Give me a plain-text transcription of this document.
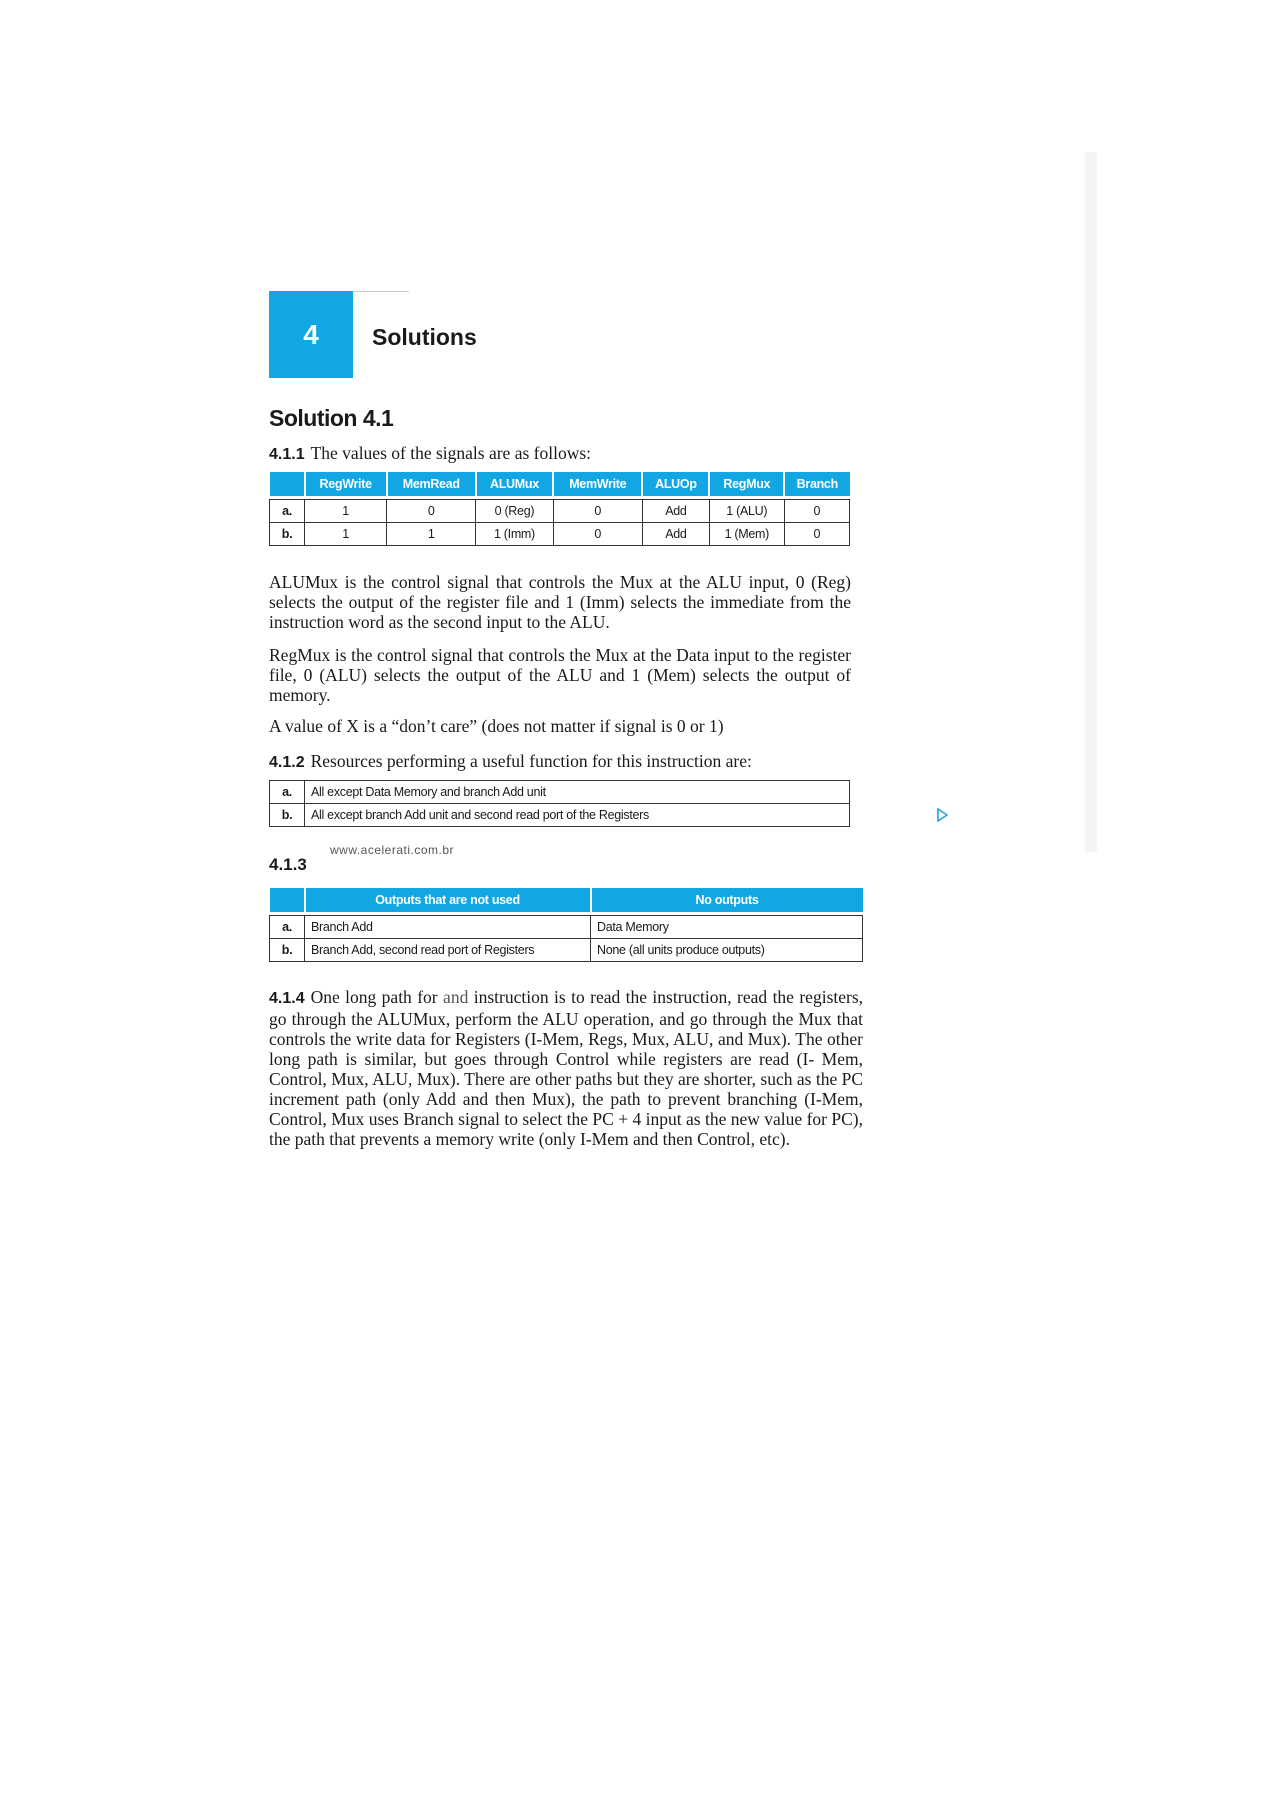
4	Solutions
Solution 4.1
4.1.1 The values of the signals are as follows:
	RegWrite	MemRead	ALUMux	MemWrite	ALUOp	RegMux	Branch

a.	1	0	0 (Reg)	0	Add	1 (ALU)	0
b.	1	1	1 (Imm)	0	Add	1 (Mem)	0
ALUMux is the control signal that controls the Mux at the ALU input, 0 (Reg) selects the output of the register file and 1 (Imm) selects the immediate from the instruction word as the second input to the ALU.
RegMux is the control signal that controls the Mux at the Data input to the register file, 0 (ALU) selects the output of the ALU and 1 (Mem) selects the output of memory.
A value of X is a “don’t care” (does not matter if signal is 0 or 1)
4.1.2 Resources performing a useful function for this instruction are:
a.	All except Data Memory and branch Add unit
b.	All except branch Add unit and second read port of the Registers
www.acelerati.com.br
4.1.3
	Outputs that are not used	No outputs

a.	Branch Add	Data Memory
b.	Branch Add, second read port of Registers	None (all units produce outputs)
4.1.4 One long path for and instruction is to read the instruction, read the registers, go through the ALUMux, perform the ALU operation, and go through the Mux that controls the write data for Registers (I-Mem, Regs, Mux, ALU, and Mux). The other long path is similar, but goes through Control while registers are read (I- Mem, Control, Mux, ALU, Mux). There are other paths but they are shorter, such as the PC increment path (only Add and then Mux), the path to prevent branching (I-Mem, Control, Mux uses Branch signal to select the PC + 4 input as the new value for PC), the path that prevents a memory write (only I-Mem and then Control, etc).
